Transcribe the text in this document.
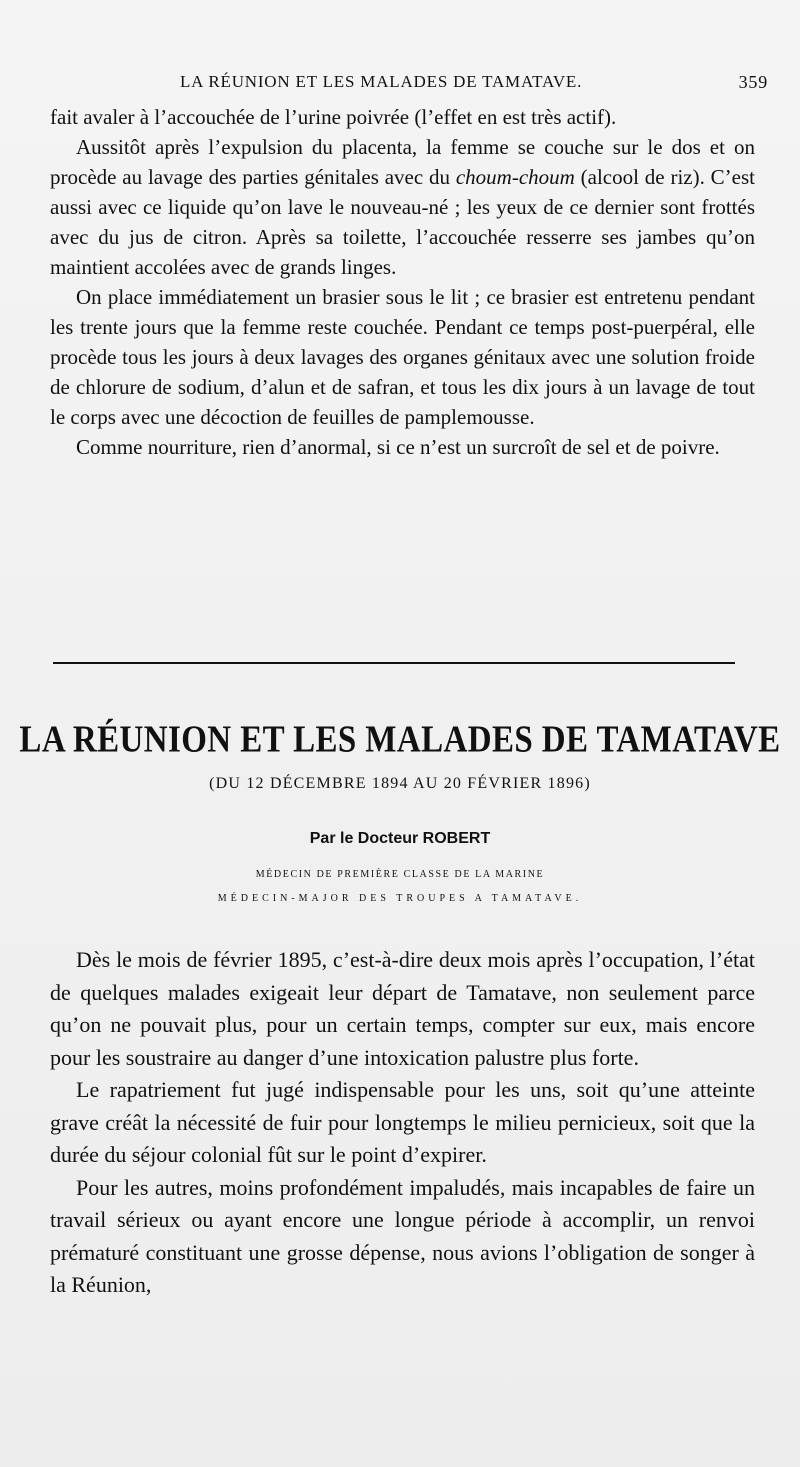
LA RÉUNION ET LES MALADES DE TAMATAVE.	359

fait avaler à l’accouchée de l’urine poivrée (l’effet en est très actif).

Aussitôt après l’expulsion du placenta, la femme se couche sur le dos et on procède au lavage des parties génitales avec du choum-choum (alcool de riz). C’est aussi avec ce liquide qu’on lave le nouveau-né ; les yeux de ce dernier sont frottés avec du jus de citron. Après sa toilette, l’accouchée resserre ses jambes qu’on maintient accolées avec de grands linges.

On place immédiatement un brasier sous le lit ; ce brasier est entretenu pendant les trente jours que la femme reste couchée. Pendant ce temps post-puerpéral, elle procède tous les jours à deux lavages des organes génitaux avec une solution froide de chlorure de sodium, d’alun et de safran, et tous les dix jours à un lavage de tout le corps avec une décoction de feuilles de pamplemousse.

Comme nourriture, rien d’anormal, si ce n’est un surcroît de sel et de poivre.

LA RÉUNION ET LES MALADES DE TAMATAVE
(DU 12 DÉCEMBRE 1894 AU 20 FÉVRIER 1896)
Par le Docteur ROBERT
MÉDECIN DE PREMIÈRE CLASSE DE LA MARINE
MÉDECIN-MAJOR DES TROUPES A TAMATAVE.

Dès le mois de février 1895, c’est-à-dire deux mois après l’occupation, l’état de quelques malades exigeait leur départ de Tamatave, non seulement parce qu’on ne pouvait plus, pour un certain temps, compter sur eux, mais encore pour les soustraire au danger d’une intoxication palustre plus forte.

Le rapatriement fut jugé indispensable pour les uns, soit qu’une atteinte grave créât la nécessité de fuir pour longtemps le milieu pernicieux, soit que la durée du séjour colonial fût sur le point d’expirer.

Pour les autres, moins profondément impaludés, mais incapables de faire un travail sérieux ou ayant encore une longue période à accomplir, un renvoi prématuré constituant une grosse dépense, nous avions l’obligation de songer à la Réunion,
